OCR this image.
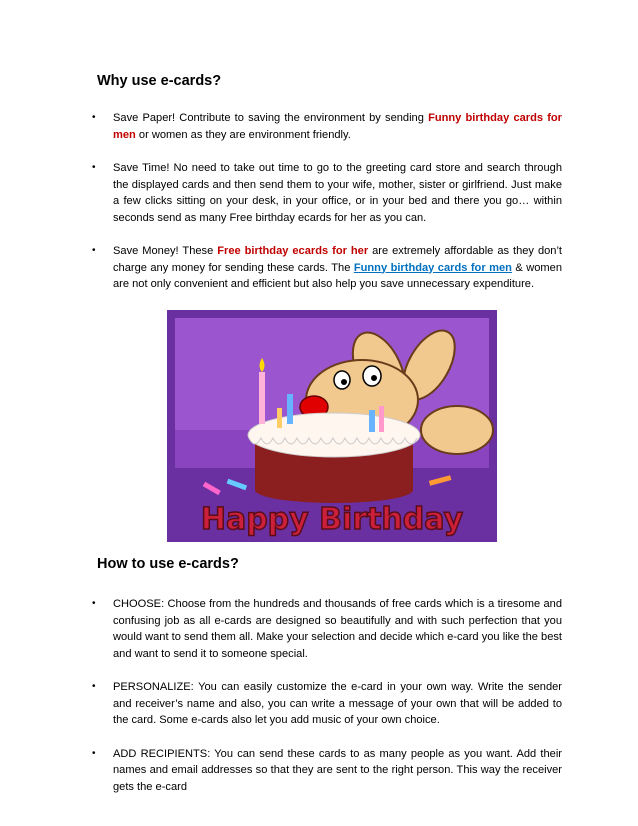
Why use e-cards?
• Save Paper! Contribute to saving the environment by sending Funny birthday cards for men or women as they are environment friendly.
• Save Time! No need to take out time to go to the greeting card store and search through the displayed cards and then send them to your wife, mother, sister or girlfriend. Just make a few clicks sitting on your desk, in your office, or in your bed and there you go… within seconds send as many Free birthday ecards for her as you can.
• Save Money! These Free birthday ecards for her are extremely affordable as they don’t charge any money for sending these cards. The Funny birthday cards for men & women are not only convenient and efficient but also help you save unnecessary expenditure.
Happy Birthday
How to use e-cards?
• CHOOSE: Choose from the hundreds and thousands of free cards which is a tiresome and confusing job as all e-cards are designed so beautifully and with such perfection that you would want to send them all. Make your selection and decide which e-card you like the best and want to send it to someone special.
• PERSONALIZE: You can easily customize the e-card in your own way. Write the sender and receiver’s name and also, you can write a message of your own that will be added to the card. Some e-cards also let you add music of your own choice.
• ADD RECIPIENTS: You can send these cards to as many people as you want. Add their names and email addresses so that they are sent to the right person. This way the receiver gets the e-card
